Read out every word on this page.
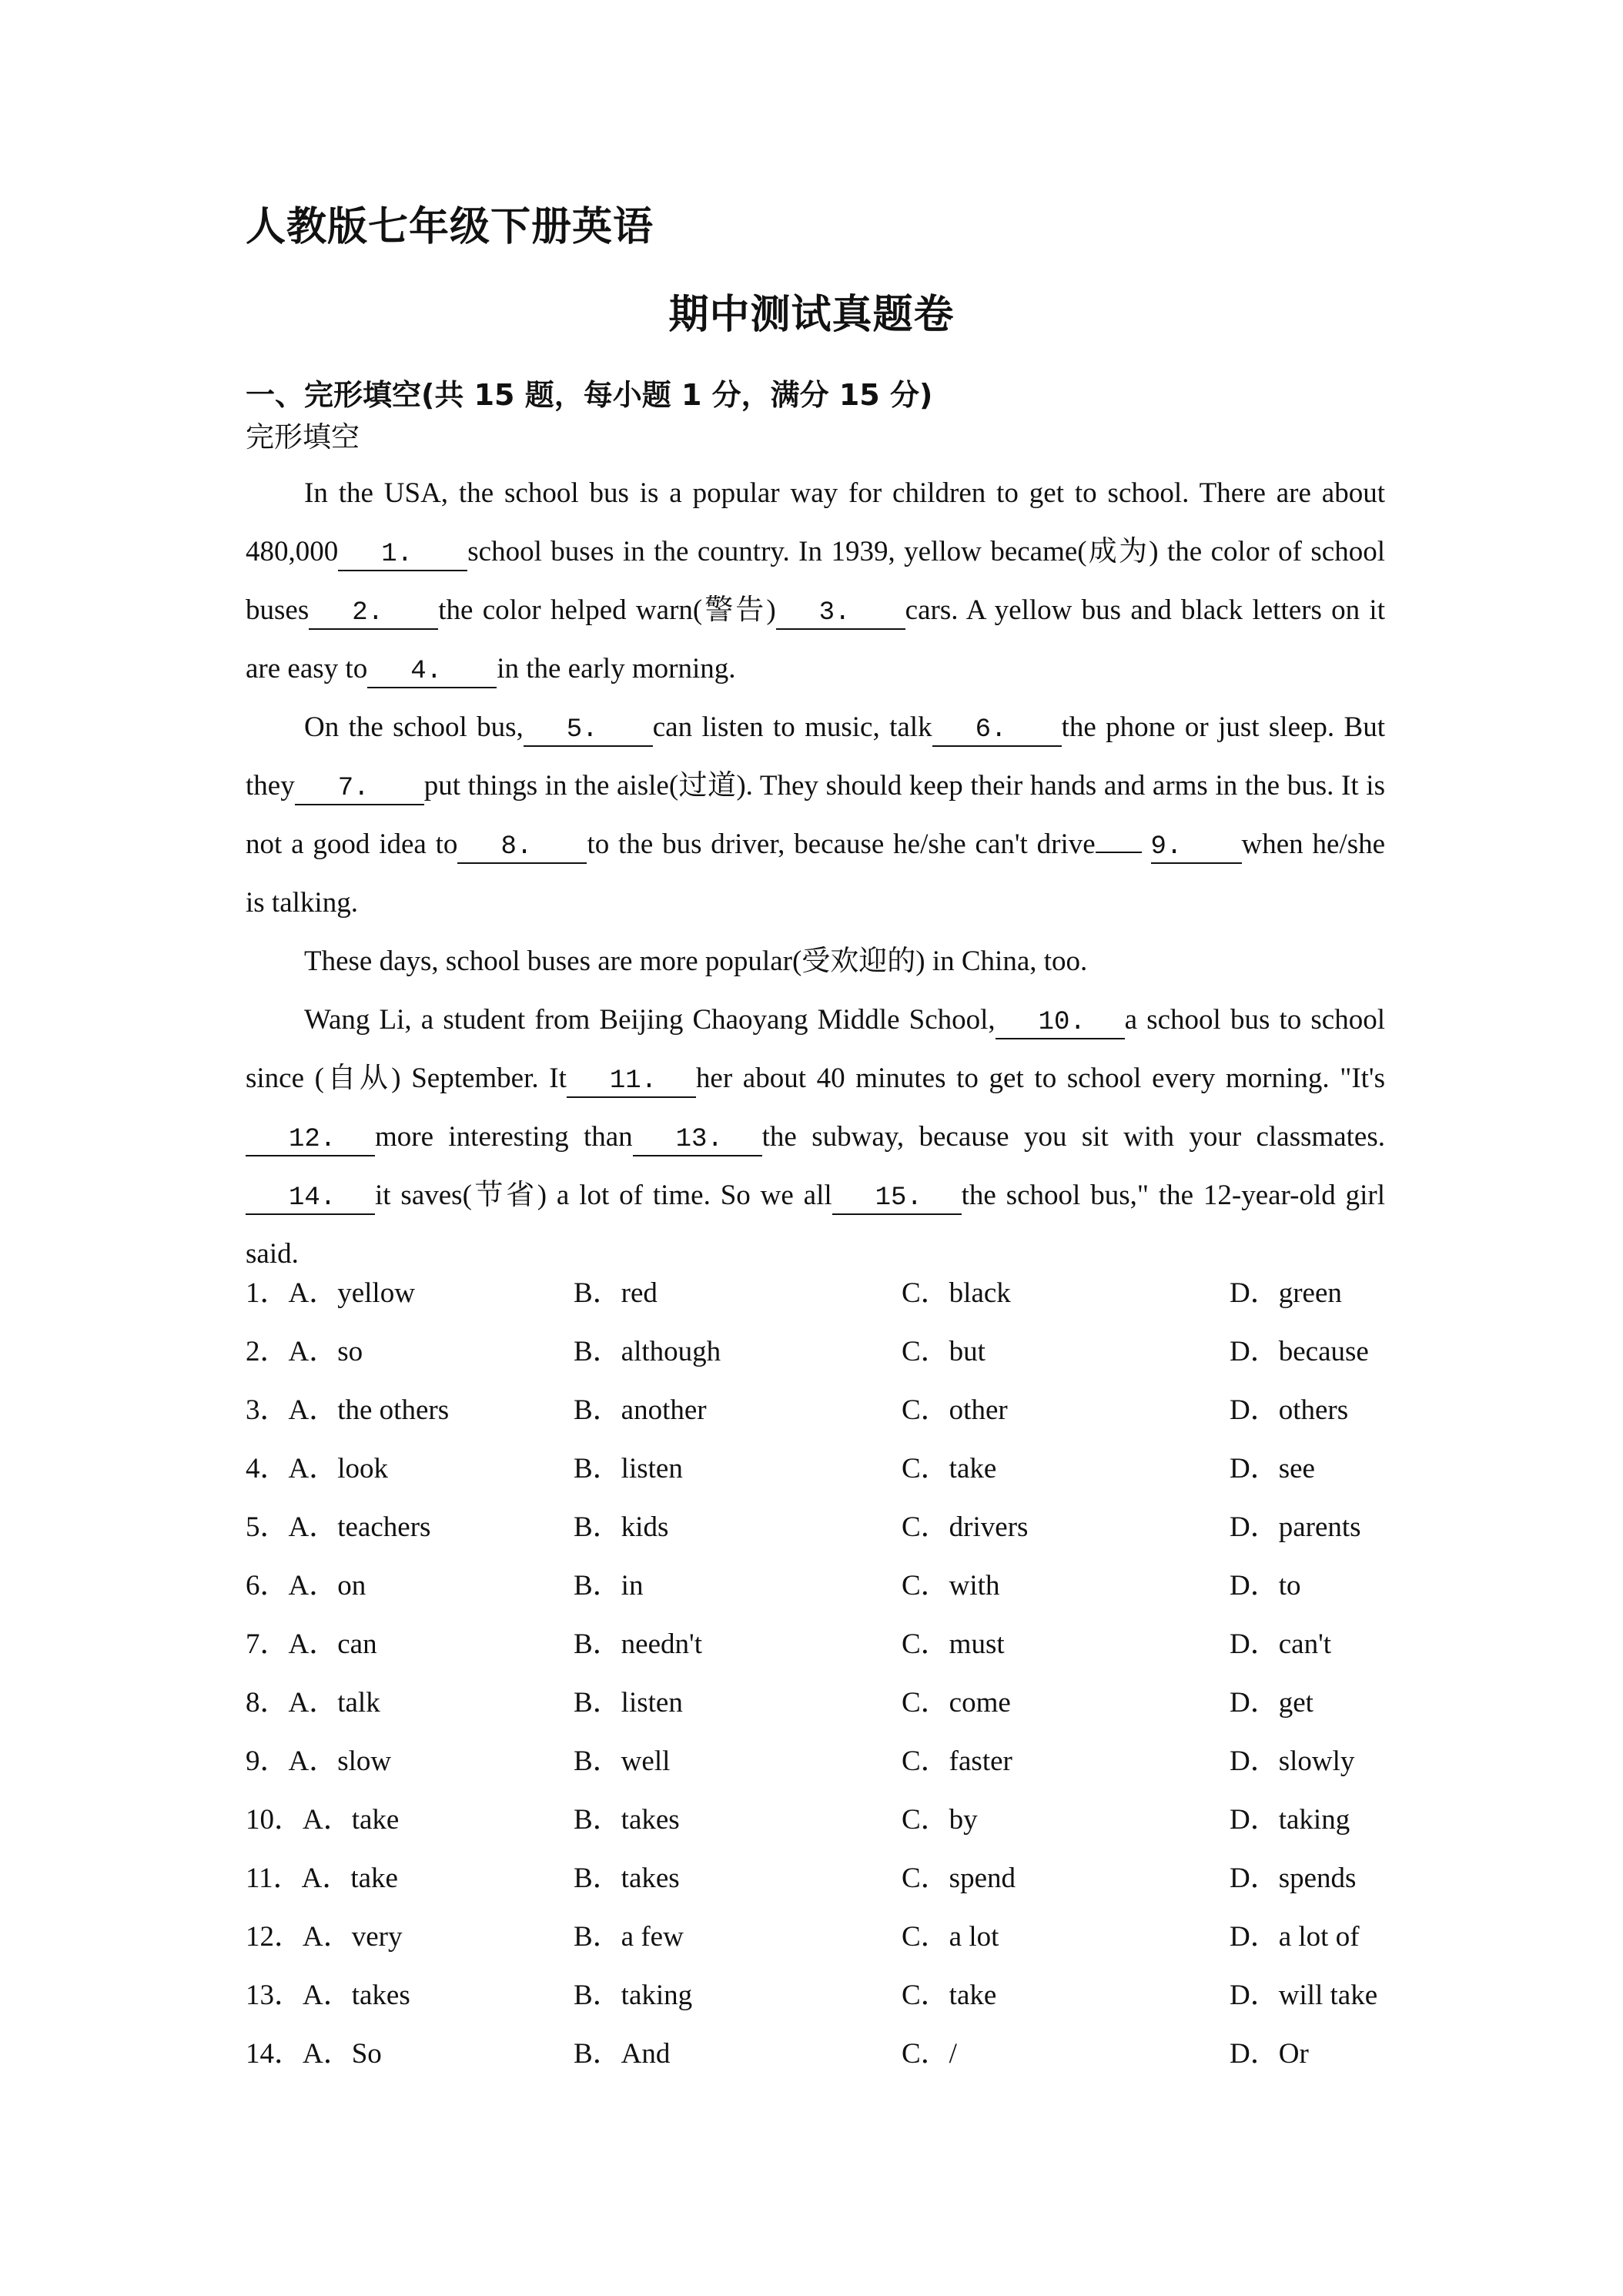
人教版七年级下册英语
期中测试真题卷
一、完形填空(共 15 题，每小题 1 分，满分 15 分)
完形填空

In the USA, the school bus is a popular way for children to get to school. There are about 480,000 1. school buses in the country. In 1939, yellow became(成为) the color of school buses 2. the color helped warn(警告) 3. cars. A yellow bus and black letters on it are easy to 4. in the early morning.

On the school bus, 5. can listen to music, talk 6. the phone or just sleep. But they 7. put things in the aisle(过道). They should keep their hands and arms in the bus. It is not a good idea to 8. to the bus driver, because he/she can't drive 9. when he/she is talking.

These days, school buses are more popular(受欢迎的) in China, too.

Wang Li, a student from Beijing Chaoyang Middle School, 10. a school bus to school since (自从) September. It 11. her about 40 minutes to get to school every morning. "It's12. more interesting than 13. the subway, because you sit with your classmates.14. it saves(节省) a lot of time. So we all 15. the school bus," the 12-year-old girl said.

1．A．yellow	B．red	C．black	D．green
2．A．so	B．although	C．but	D．because
3．A．the others	B．another	C．other	D．others
4．A．look	B．listen	C．take	D．see
5．A．teachers	B．kids	C．drivers	D．parents
6．A．on	B．in	C．with	D．to
7．A．can	B．needn't	C．must	D．can't
8．A．talk	B．listen	C．come	D．get
9．A．slow	B．well	C．faster	D．slowly
10．A．take	B．takes	C．by	D．taking
11．A．take	B．takes	C．spend	D．spends
12．A．very	B．a few	C．a lot	D．a lot of
13．A．takes	B．taking	C．take	D．will take
14．A．So	B．And	C．/	D．Or
